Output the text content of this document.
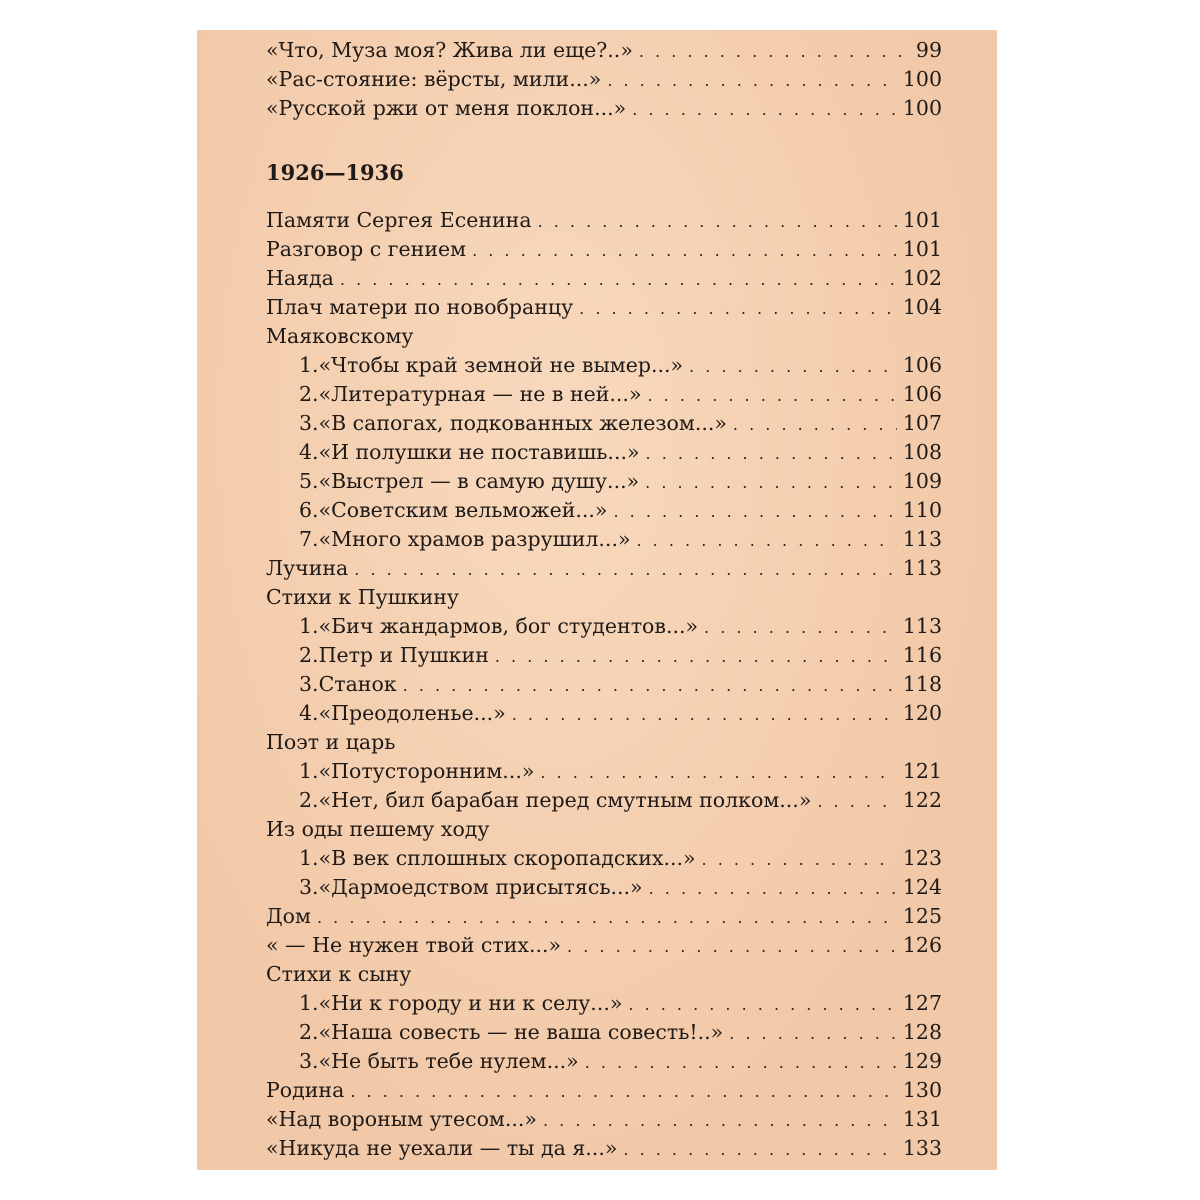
«Что, Муза моя? Жива ли еще?..» . . .	99
«Рас-стояние: вёрсты, мили...» . . .	100
«Русской ржи от меня поклон...» . . .	100
1926—1936
Памяти Сергея Есенина . . .	101
Разговор с гением . . .	101
Наяда . . .	102
Плач матери по новобранцу . . .	104
Маяковскому
1. «Чтобы край земной не вымер...» . . .	106
2. «Литературная — не в ней...» . . .	106
3. «В сапогах, подкованных железом...» . . .	107
4. «И полушки не поставишь...» . . .	108
5. «Выстрел — в самую душу...» . . .	109
6. «Советским вельможей...» . . .	110
7. «Много храмов разрушил...» . . .	113
Лучина . . .	113
Стихи к Пушкину
1. «Бич жандармов, бог студентов...» . . .	113
2. Петр и Пушкин . . .	116
3. Станок . . .	118
4. «Преодоленье...» . . .	120
Поэт и царь
1. «Потусторонним...» . . .	121
2. «Нет, бил барабан перед смутным полком...» . . .	122
Из оды пешему ходу
1. «В век сплошных скоропадских...» . . .	123
3. «Дармоедством присытясь...» . . .	124
Дом . . .	125
« — Не нужен твой стих...» . . .	126
Стихи к сыну
1. «Ни к городу и ни к селу...» . . .	127
2. «Наша совесть — не ваша совесть!..» . . .	128
3. «Не быть тебе нулем...» . . .	129
Родина . . .	130
«Над вороным утесом...» . . .	131
«Никуда не уехали — ты да я...» . . .	133
